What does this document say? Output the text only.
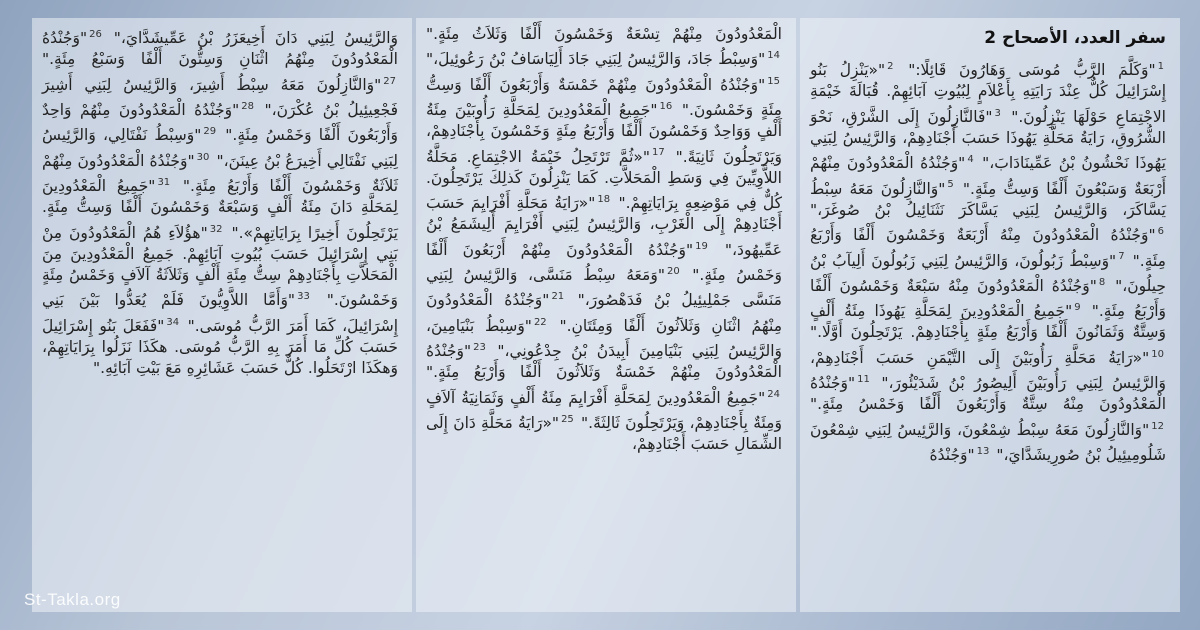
سفر العدد، الأصحاح 2
$^1$"وَكَلَّمَ الرَّبُّ مُوسَى وَهَارُونَ قَائِلًا:" $^2$"«يَنْزِلُ بَنُو إِسْرَائِيلَ كُلٌّ عِنْدَ رَايَتِهِ بِأَعْلاَمٍ لِبُيُوتِ آبَائِهِمْ. قُبَالَةَ خَيْمَةِ الاجْتِمَاعِ حَوْلَهَا يَنْزِلُونَ." $^3$"فَالنَّازِلُونَ إِلَى الشَّرْقِ، نَحْوَ الشُّرُوقِ، رَايَةُ مَحَلَّةِ يَهُوذَا حَسَبَ أَجْنَادِهِمْ، وَالرَّئِيسُ لِبَنِي يَهُوذَا نَحْشُونُ بْنُ عَمِّينَادَابَ،" $^4$"وَجُنْدُهُ الْمَعْدُودُونَ مِنْهُمْ أَرْبَعَةٌ وَسَبْعُونَ أَلْفًا وَسِتُّ مِئَةٍ." $^5$"وَالنَّازِلُونَ مَعَهُ سِبْطُ يَسَّاكَرَ، وَالرَّئِيسُ لِبَنِي يَسَّاكَرَ نَثَنَائِيلُ بْنُ صُوغَرَ،" $^6$"وَجُنْدُهُ الْمَعْدُودُونَ مِنْهُ أَرْبَعَةٌ وَخَمْسُونَ أَلْفًا وَأَرْبَعُ مِئَةٍ." $^7$"وَسِبْطُ زَبُولُونَ، وَالرَّئِيسُ لِبَنِي زَبُولُونَ أَلِيآبُ بْنُ حِيلُونَ،" $^8$"وَجُنْدُهُ الْمَعْدُودُونَ مِنْهُ سَبْعَةٌ وَخَمْسُونَ أَلْفًا وَأَرْبَعُ مِئَةٍ." $^9$"جَمِيعُ الْمَعْدُودِينَ لِمَحَلَّةِ يَهُوذَا مِئَةُ أَلْفٍ وَسِتَّةٌ وَثَمَانُونَ أَلْفًا وَأَرْبَعُ مِئَةٍ بِأَجْنَادِهِمْ. يَرْتَحِلُونَ أَوَّلًا." $^{10}$"«رَايَةُ مَحَلَّةِ رَأُوبَيْنَ إِلَى التَّيْمَنِ حَسَبَ أَجْنَادِهِمْ، وَالرَّئِيسُ لِبَنِي رَأُوبَيْنَ أَلِيصُورُ بْنُ شَدَيْئُورَ،" $^{11}$"وَجُنْدُهُ الْمَعْدُودُونَ مِنْهُ سِتَّةٌ وَأَرْبَعُونَ أَلْفًا وَخَمْسُ مِئَةٍ." $^{12}$"وَالنَّازِلُونَ مَعَهُ سِبْطُ شِمْعُونَ، وَالرَّئِيسُ لِبَنِي شِمْعُونَ شَلُومِيئِيلُ بْنُ صُورِيشَدَّايَ،" $^{13}$"وَجُنْدُهُ
الْمَعْدُودُونَ مِنْهُمْ تِسْعَةٌ وَخَمْسُونَ أَلْفًا وَثَلاَثُ مِئَةٍ." $^{14}$"وَسِبْطُ جَادَ، وَالرَّئِيسُ لِبَنِي جَادَ أَلِيَاسَافُ بْنُ رَعُوئِيلَ،" $^{15}$"وَجُنْدُهُ الْمَعْدُودُونَ مِنْهُمْ خَمْسَةٌ وَأَرْبَعُونَ أَلْفًا وَسِتُّ مِئَةٍ وَخَمْسُونَ." $^{16}$"جَمِيعُ الْمَعْدُودِينَ لِمَحَلَّةِ رَأُوبَيْنَ مِئَةُ أَلْفٍ وَوَاحِدٌ وَخَمْسُونَ أَلْفًا وَأَرْبَعُ مِئَةٍ وَخَمْسُونَ بِأَجْنَادِهِمْ، وَيَرْتَحِلُونَ ثَانِيَةً." $^{17}$"«ثُمَّ تَرْتَحِلُ خَيْمَةُ الاجْتِمَاعِ. مَحَلَّةُ اللاَّوِيِّينَ فِي وَسَطِ الْمَحَلاَّتِ. كَمَا يَنْزِلُونَ كَذلِكَ يَرْتَحِلُونَ. كُلٌّ فِي مَوْضِعِهِ بِرَايَاتِهِمْ." $^{18}$"«رَايَةُ مَحَلَّةِ أَفْرَايِمَ حَسَبَ أَجْنَادِهِمْ إِلَى الْغَرْبِ، وَالرَّئِيسُ لِبَنِي أَفْرَايِمَ أَلِيشَمَعُ بْنُ عَمِّيهُودَ،" $^{19}$"وَجُنْدُهُ الْمَعْدُودُونَ مِنْهُمْ أَرْبَعُونَ أَلْفًا وَخَمْسُ مِئَةٍ." $^{20}$"وَمَعَهُ سِبْطُ مَنَسَّى، وَالرَّئِيسُ لِبَنِي مَنَسَّى جَمْلِيئِيلُ بْنُ فَدَهْصُورَ،" $^{21}$"وَجُنْدُهُ الْمَعْدُودُونَ مِنْهُمُ اثْنَانِ وَثَلاَثُونَ أَلْفًا وَمِئَتَانِ." $^{22}$"وَسِبْطُ بَنْيَامِينَ، وَالرَّئِيسُ لِبَنِي بَنْيَامِينَ أَبِيدَنُ بْنُ جِدْعُونِي،" $^{23}$"وَجُنْدُهُ الْمَعْدُودُونَ مِنْهُمْ خَمْسَةٌ وَثَلاَثُونَ أَلْفًا وَأَرْبَعُ مِئَةٍ." $^{24}$"جَمِيعُ الْمَعْدُودِينَ لِمَحَلَّةِ أَفْرَايِمَ مِئَةُ أَلْفٍ وَثَمَانِيَةُ آلاَفٍ وَمِئَةٌ بِأَجْنَادِهِمْ، وَيَرْتَحِلُونَ ثَالِثَةً." $^{25}$"«رَايَةُ مَحَلَّةِ دَانَ إِلَى الشِّمَالِ حَسَبَ أَجْنَادِهِمْ،
وَالرَّئِيسُ لِبَنِي دَانَ أَخِيعَزَرُ بْنُ عَمِّيشَدَّايَ،" $^{26}$"وَجُنْدُهُ الْمَعْدُودُونَ مِنْهُمُ اثْنَانِ وَسِتُّونَ أَلْفًا وَسَبْعُ مِئَةٍ." $^{27}$"وَالنَّازِلُونَ مَعَهُ سِبْطُ أَشِيرَ، وَالرَّئِيسُ لِبَنِي أَشِيرَ فَجْعِيئِيلُ بْنُ عُكْرَنَ،" $^{28}$"وَجُنْدُهُ الْمَعْدُودُونَ مِنْهُمْ وَاحِدٌ وَأَرْبَعُونَ أَلْفًا وَخَمْسُ مِئَةٍ." $^{29}$"وَسِبْطُ نَفْتَالِي، وَالرَّئِيسُ لِبَنِي نَفْتَالِي أَخِيرَعُ بْنُ عِينَنَ،" $^{30}$"وَجُنْدُهُ الْمَعْدُودُونَ مِنْهُمْ ثَلاَثَةٌ وَخَمْسُونَ أَلْفًا وَأَرْبَعُ مِئَةٍ." $^{31}$"جَمِيعُ الْمَعْدُودِينَ لِمَحَلَّةِ دَانَ مِئَةُ أَلْفٍ وَسَبْعَةٌ وَخَمْسُونَ أَلْفًا وَسِتُّ مِئَةٍ. يَرْتَحِلُونَ أَخِيرًا بِرَايَاتِهِمْ»." $^{32}$"هؤُلاَءِ هُمُ الْمَعْدُودُونَ مِنْ بَنِي إِسْرَائِيلَ حَسَبَ بُيُوتِ آبَائِهِمْ. جَمِيعُ الْمَعْدُودِينَ مِنَ الْمَحَلاَّتِ بِأَجْنَادِهِمْ سِتُّ مِئَةِ أَلْفٍ وَثَلاَثَةُ آلاَفٍ وَخَمْسُ مِئَةٍ وَخَمْسُونَ." $^{33}$"وَأَمَّا اللاَّوِيُّونَ فَلَمْ يُعَدُّوا بَيْنَ بَنِي إِسْرَائِيلَ، كَمَا أَمَرَ الرَّبُّ مُوسَى." $^{34}$"فَفَعَلَ بَنُو إِسْرَائِيلَ حَسَبَ كُلِّ مَا أَمَرَ بِهِ الرَّبُّ مُوسَى. هكَذَا نَزَلُوا بِرَايَاتِهِمْ، وَهكَذَا ارْتَحَلُوا. كُلٌّ حَسَبَ عَشَائِرِهِ مَعَ بَيْتِ آبَائِهِ."
St-Takla.org
